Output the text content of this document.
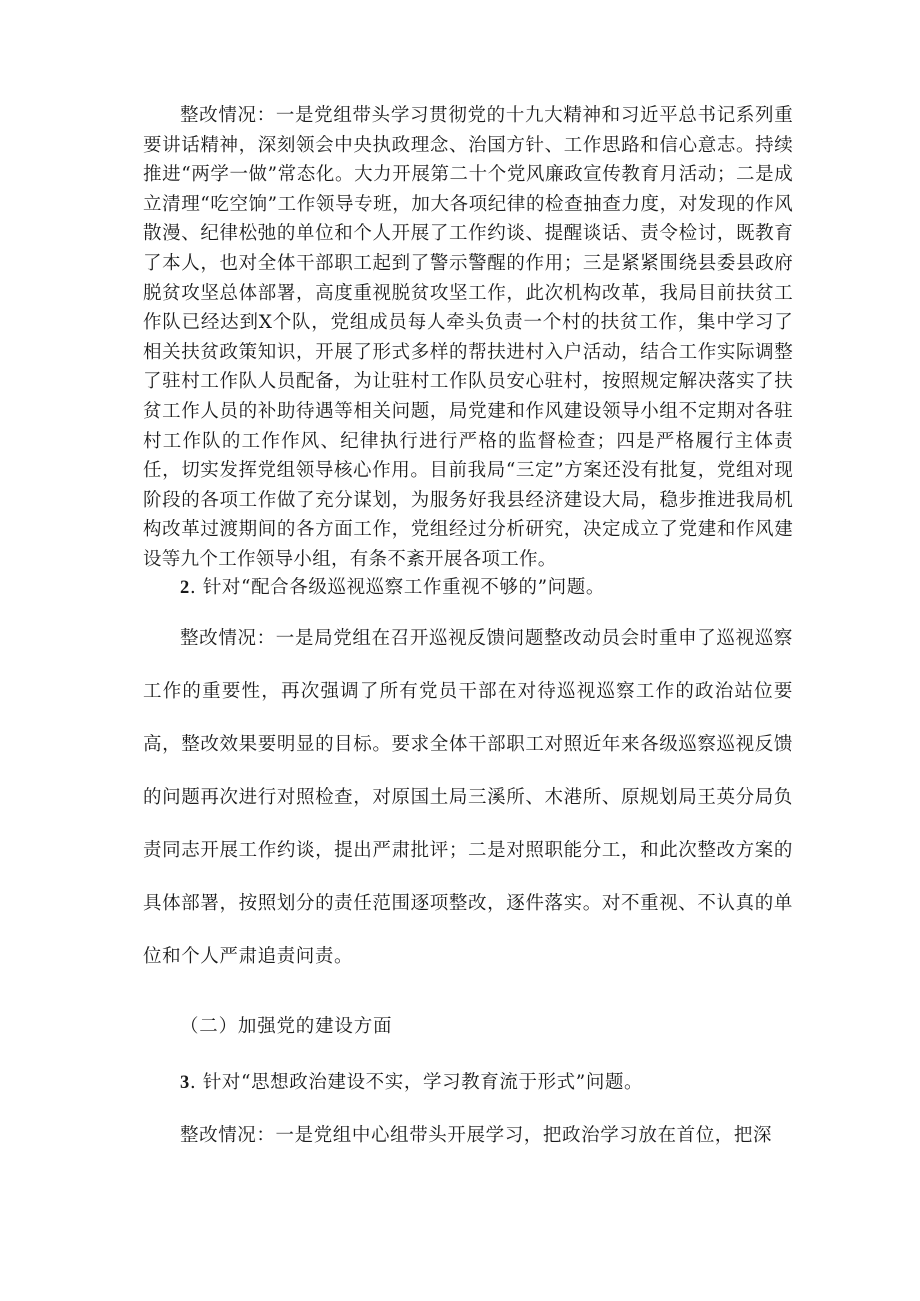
整改情况：一是党组带头学习贯彻党的十九大精神和习近平总书记系列重要讲话精神，深刻领会中央执政理念、治国方针、工作思路和信心意志。持续推进“两学一做”常态化。大力开展第二十个党风廉政宣传教育月活动；二是成立清理“吃空饷”工作领导专班，加大各项纪律的检查抽查力度，对发现的作风散漫、纪律松弛的单位和个人开展了工作约谈、提醒谈话、责令检讨，既教育了本人，也对全体干部职工起到了警示警醒的作用；三是紧紧围绕县委县政府脱贫攻坚总体部署，高度重视脱贫攻坚工作，此次机构改革，我局目前扶贫工作队已经达到X个队，党组成员每人牵头负责一个村的扶贫工作，集中学习了相关扶贫政策知识，开展了形式多样的帮扶进村入户活动，结合工作实际调整了驻村工作队人员配备，为让驻村工作队员安心驻村，按照规定解决落实了扶贫工作人员的补助待遇等相关问题，局党建和作风建设领导小组不定期对各驻村工作队的工作作风、纪律执行进行严格的监督检查；四是严格履行主体责任，切实发挥党组领导核心作用。目前我局“三定”方案还没有批复，党组对现阶段的各项工作做了充分谋划，为服务好我县经济建设大局，稳步推进我局机构改革过渡期间的各方面工作，党组经过分析研究，决定成立了党建和作风建设等九个工作领导小组，有条不紊开展各项工作。

2. 针对“配合各级巡视巡察工作重视不够的”问题。

整改情况：一是局党组在召开巡视反馈问题整改动员会时重申了巡视巡察工作的重要性，再次强调了所有党员干部在对待巡视巡察工作的政治站位要高，整改效果要明显的目标。要求全体干部职工对照近年来各级巡察巡视反馈的问题再次进行对照检查，对原国土局三溪所、木港所、原规划局王英分局负责同志开展工作约谈，提出严肃批评；二是对照职能分工，和此次整改方案的具体部署，按照划分的责任范围逐项整改，逐件落实。对不重视、不认真的单位和个人严肃追责问责。

（二）加强党的建设方面
3. 针对“思想政治建设不实，学习教育流于形式”问题。

整改情况：一是党组中心组带头开展学习，把政治学习放在首位，把深
